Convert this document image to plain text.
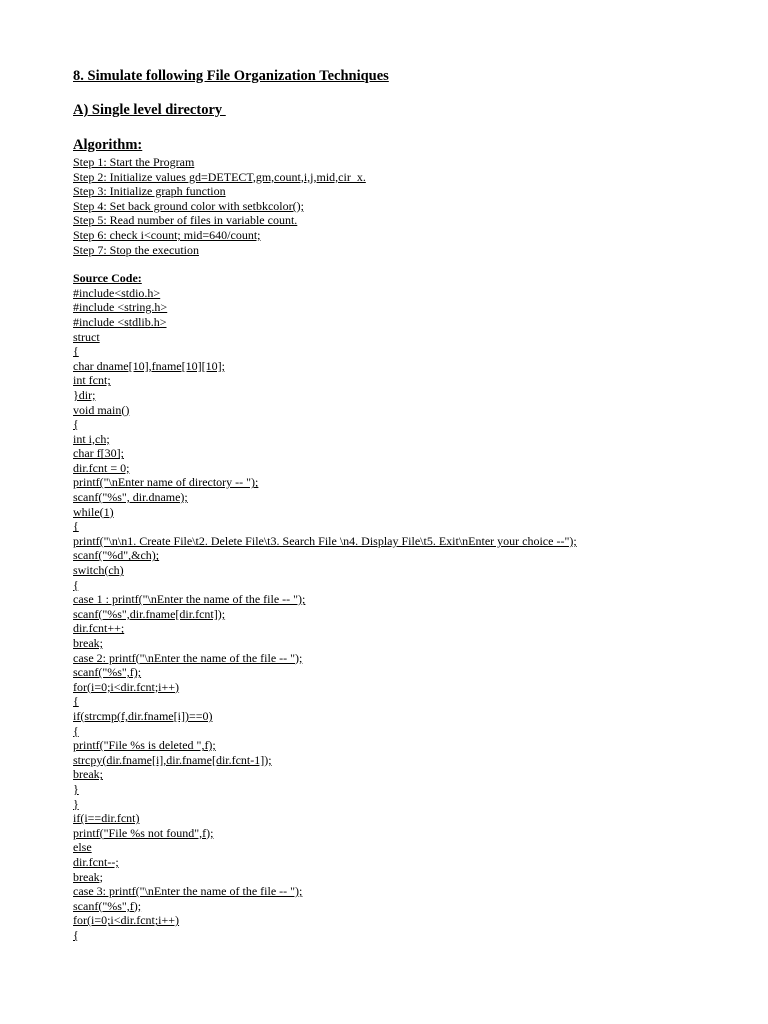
8. Simulate following File Organization Techniques
A) Single level directory
Algorithm:
Step 1: Start the Program
Step 2: Initialize values gd=DETECT,gm,count,i,j,mid,cir_x.
Step 3: Initialize graph function
Step 4: Set back ground color with setbkcolor();
Step 5: Read number of files in variable count.
Step 6: check i<count; mid=640/count;
Step 7: Stop the execution
Source Code:
#include<stdio.h>
#include <string.h>
#include <stdlib.h>
struct
{
char dname[10],fname[10][10];
int fcnt;
}dir;
void main()
{
int i,ch;
char f[30];
dir.fcnt = 0;
printf("\nEnter name of directory -- ");
scanf("%s", dir.dname);
while(1)
{
printf("\n\n1. Create File\t2. Delete File\t3. Search File \n4. Display File\t5. Exit\nEnter your choice --");
scanf("%d",&ch);
switch(ch)
{
case 1 : printf("\nEnter the name of the file -- ");
scanf("%s",dir.fname[dir.fcnt]);
dir.fcnt++;
break;
case 2: printf("\nEnter the name of the file -- ");
scanf("%s",f);
for(i=0;i<dir.fcnt;i++)
{
if(strcmp(f,dir.fname[i])==0)
{
printf("File %s is deleted ",f);
strcpy(dir.fname[i],dir.fname[dir.fcnt-1]);
break;
}
}
if(i==dir.fcnt)
printf("File %s not found",f);
else
dir.fcnt--;
break;
case 3: printf("\nEnter the name of the file -- ");
scanf("%s",f);
for(i=0;i<dir.fcnt;i++)
{
